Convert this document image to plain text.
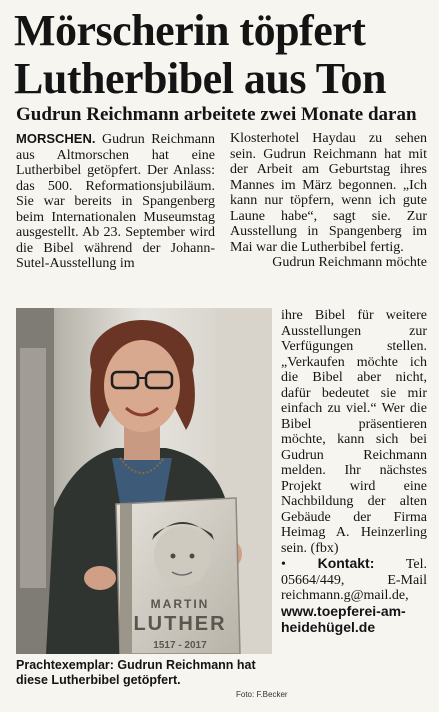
Mörscherin töpfert
Lutherbibel aus Ton
Gudrun Reichmann arbeitete zwei Monate daran

MORSCHEN. Gudrun Reichmann aus Altmorschen hat eine Lutherbibel getöpfert. Der Anlass: das 500. Reformationsjubiläum. Sie war bereits in Spangenberg beim Internationalen Museumstag ausgestellt. Ab 23. September wird die Bibel während der Johann-Sutel-Ausstellung im

Klosterhotel Haydau zu sehen sein. Gudrun Reichmann hat mit der Arbeit am Geburtstag ihres Mannes im März begonnen. „Ich kann nur töpfern, wenn ich gute Laune habe“, sagt sie. Zur Ausstellung in Spangenberg im Mai war die Lutherbibel fertig.

Gudrun Reichmann möchte

MARTIN
LUTHER
1517 - 2017

ihre Bibel für weitere Ausstellungen zur Verfügungen stellen. „Verkaufen möchte ich die Bibel aber nicht, dafür bedeutet sie mir einfach zu viel.“ Wer die Bibel präsentieren möchte, kann sich bei Gudrun Reichmann melden. Ihr nächstes Projekt wird eine Nachbildung der alten Gebäude der Firma Heimag A. Heinzerling sein. (fbx)

• Kontakt: Tel. 05664/449, E-Mail reichmann.g@mail.de, www.toepferei-am-heidehügel.de

Prachtexemplar: Gudrun Reichmann hat diese Lutherbibel getöpfert.
Foto: F.Becker
